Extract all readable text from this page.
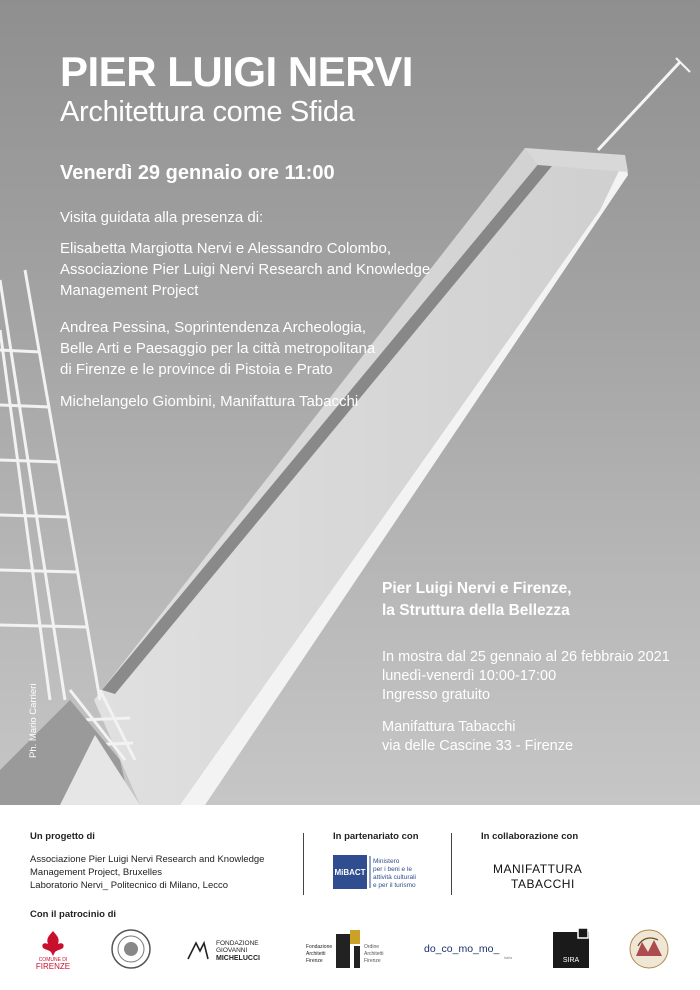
PIER LUIGI NERVI
Architettura come Sfida
Venerdì 29 gennaio ore 11:00
Visita guidata alla presenza di:
Elisabetta Margiotta Nervi e Alessandro Colombo,
Associazione Pier Luigi Nervi Research and Knowledge
Management Project
Andrea Pessina, Soprintendenza Archeologia,
Belle Arti e Paesaggio per la città metropolitana
di Firenze e le province di Pistoia e Prato
Michelangelo Giombini, Manifattura Tabacchi
Pier Luigi Nervi e Firenze,
la Struttura della Bellezza
In mostra dal 25 gennaio al 26 febbraio 2021
lunedì-venerdì 10:00-17:00
Ingresso gratuito
Manifattura Tabacchi
via delle Cascine 33 - Firenze
Ph. Mario Carrieri
Un progetto di
Associazione Pier Luigi Nervi Research and Knowledge
Management Project, Bruxelles
Laboratorio Nervi_ Politecnico di Milano, Lecco
In partenariato con
MiBACT
Ministero
per i beni e le
attività culturali
e per il turismo
In collaborazione con
MANIFATTURA
TABACCHI
Con il patrocinio di
COMUNE DI
FIRENZE
FONDAZIONE
GIOVANNI
MICHELUCCI
Fondazione
Architetti
Firenze
Ordine
Architetti
Firenze
do_co_mo_mo_
italia	SIRA
